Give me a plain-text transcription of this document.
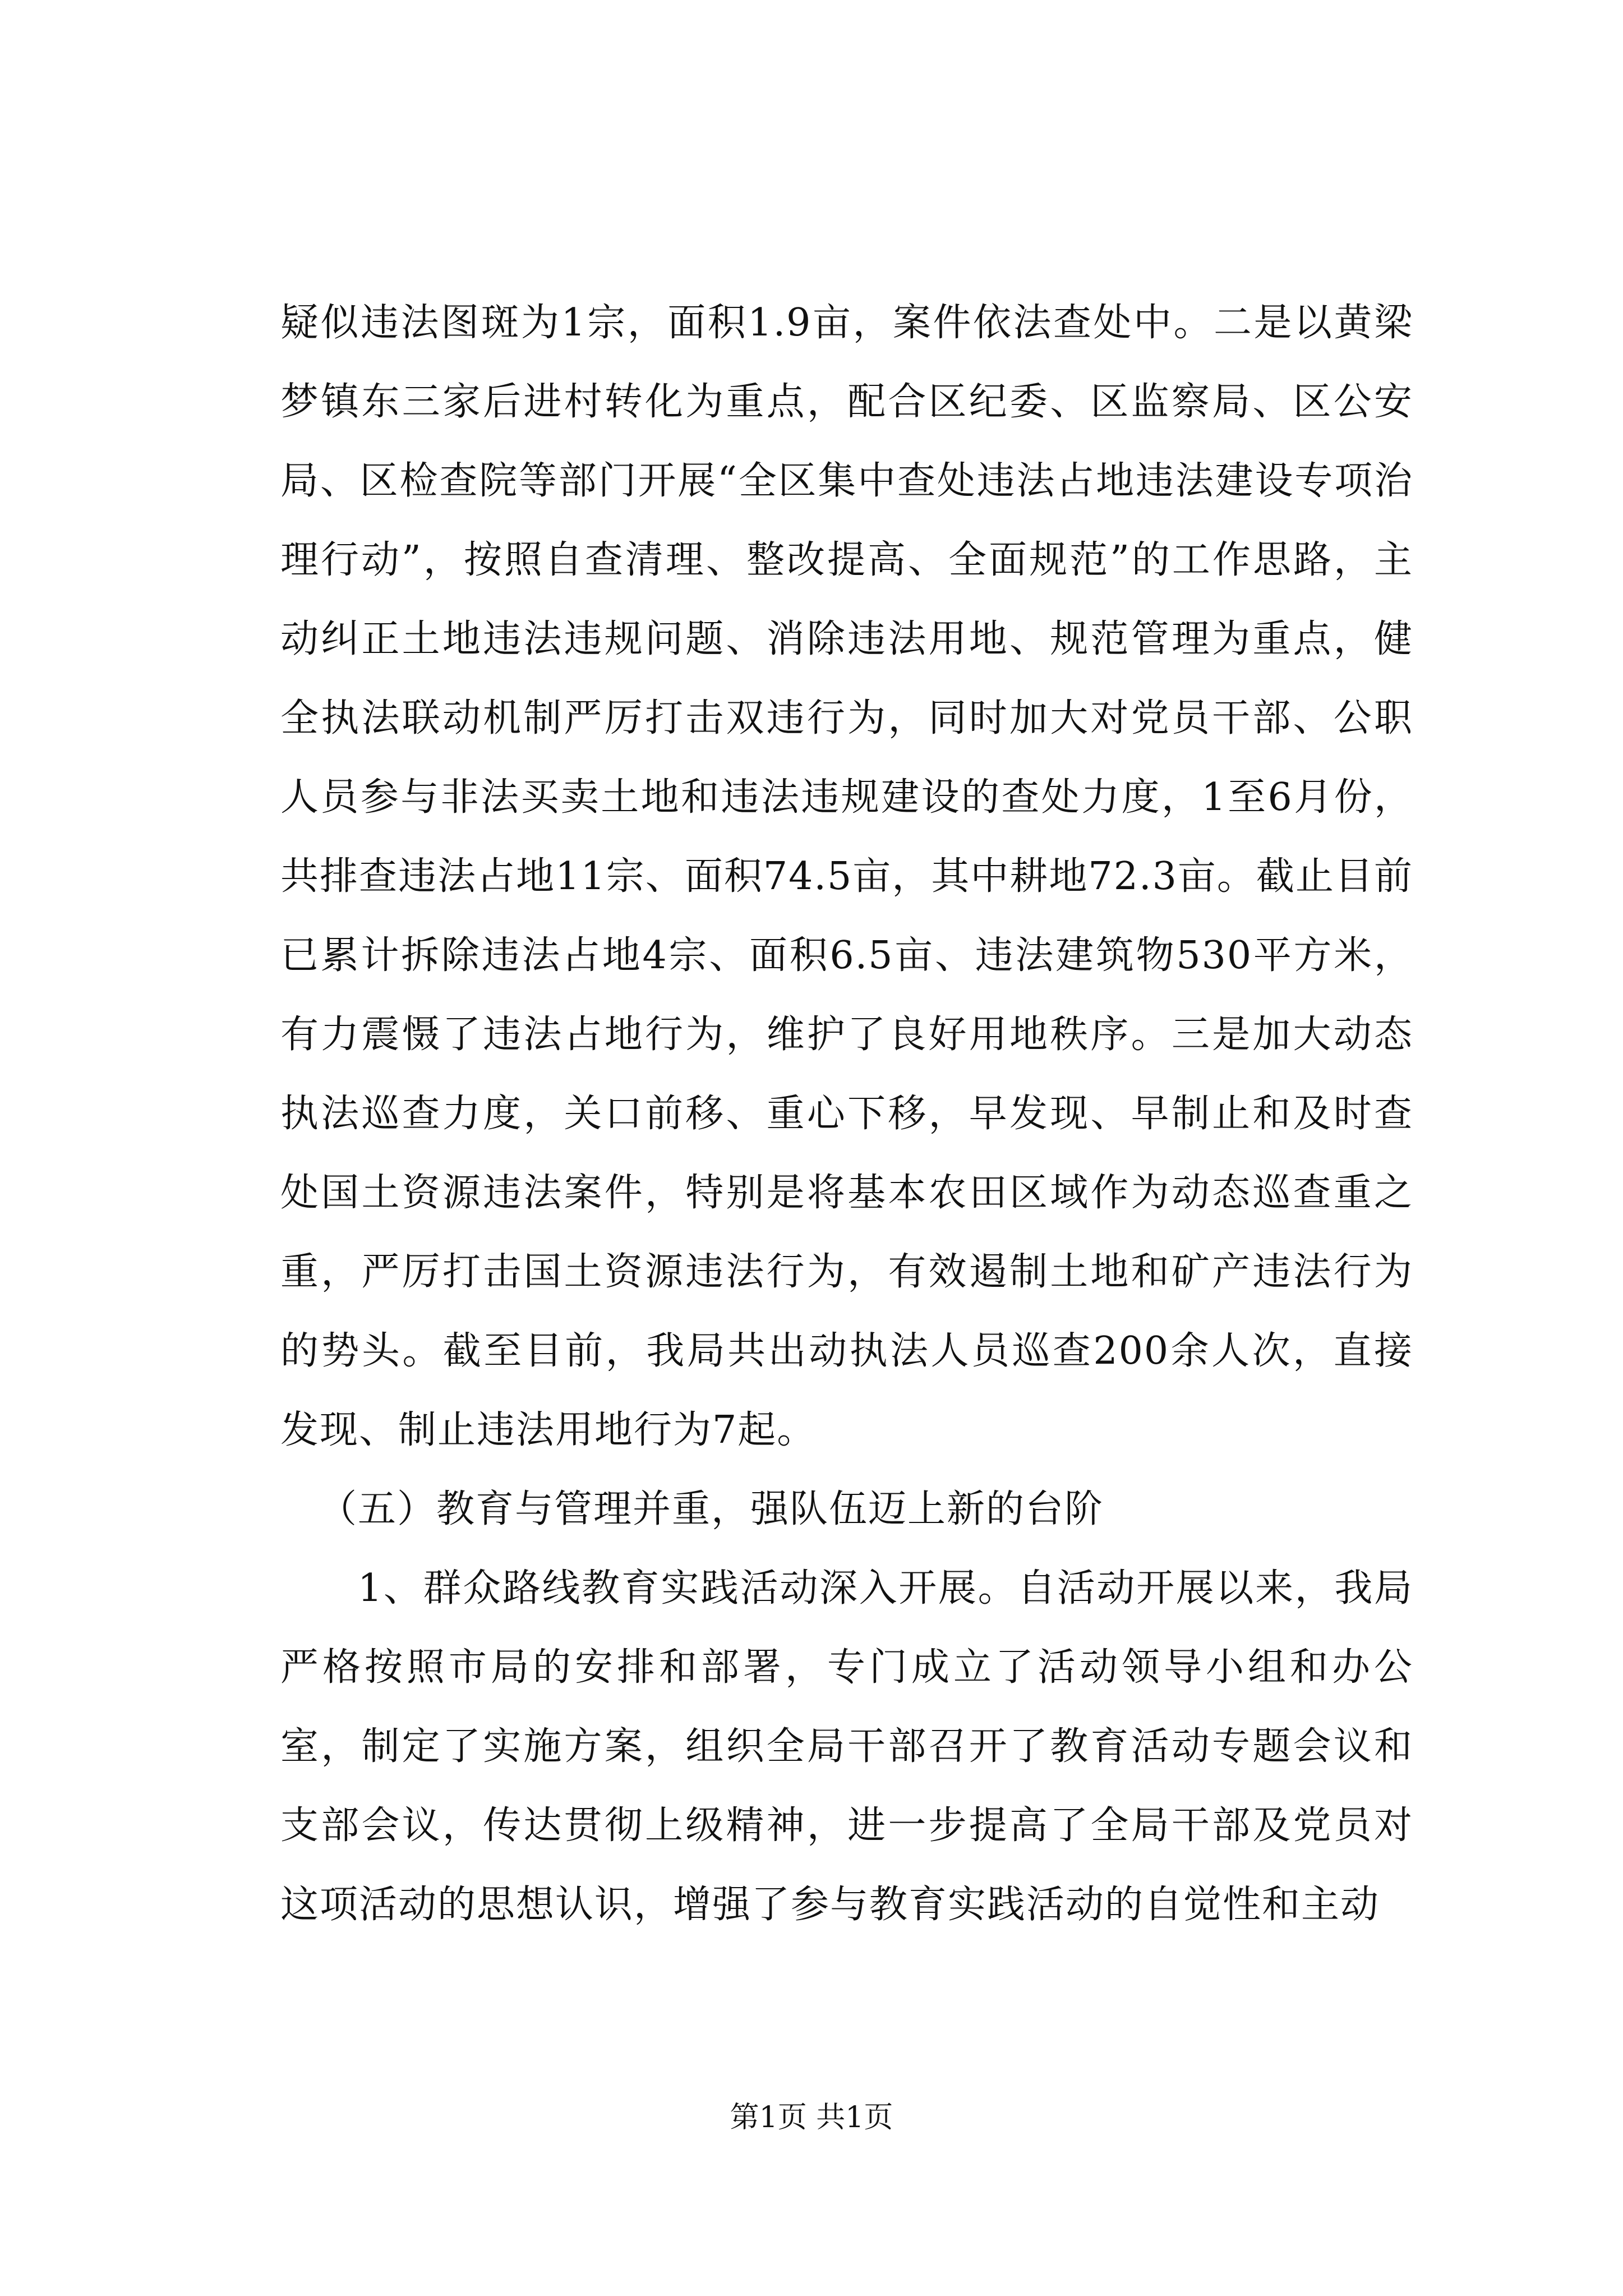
疑似违法图斑为1宗，面积1.9亩，案件依法查处中。二是以黄梁梦镇东三家后进村转化为重点，配合区纪委、区监察局、区公安局、区检查院等部门开展“全区集中查处违法占地违法建设专项治理行动”，按照自查清理、整改提高、全面规范”的工作思路，主动纠正土地违法违规问题、消除违法用地、规范管理为重点，健全执法联动机制严厉打击双违行为，同时加大对党员干部、公职人员参与非法买卖土地和违法违规建设的查处力度，1至6月份，共排查违法占地11宗、面积74.5亩，其中耕地72.3亩。截止目前已累计拆除违法占地4宗、面积6.5亩、违法建筑物530平方米，有力震慑了违法占地行为，维护了良好用地秩序。三是加大动态执法巡查力度，关口前移、重心下移，早发现、早制止和及时查处国土资源违法案件，特别是将基本农田区域作为动态巡查重之重，严厉打击国土资源违法行为，有效遏制土地和矿产违法行为的势头。截至目前，我局共出动执法人员巡查200余人次，直接发现、制止违法用地行为7起。

（五）教育与管理并重，强队伍迈上新的台阶

1、群众路线教育实践活动深入开展。自活动开展以来，我局严格按照市局的安排和部署，专门成立了活动领导小组和办公室，制定了实施方案，组织全局干部召开了教育活动专题会议和支部会议，传达贯彻上级精神，进一步提高了全局干部及党员对这项活动的思想认识，增强了参与教育实践活动的自觉性和主动

第1页 共1页
